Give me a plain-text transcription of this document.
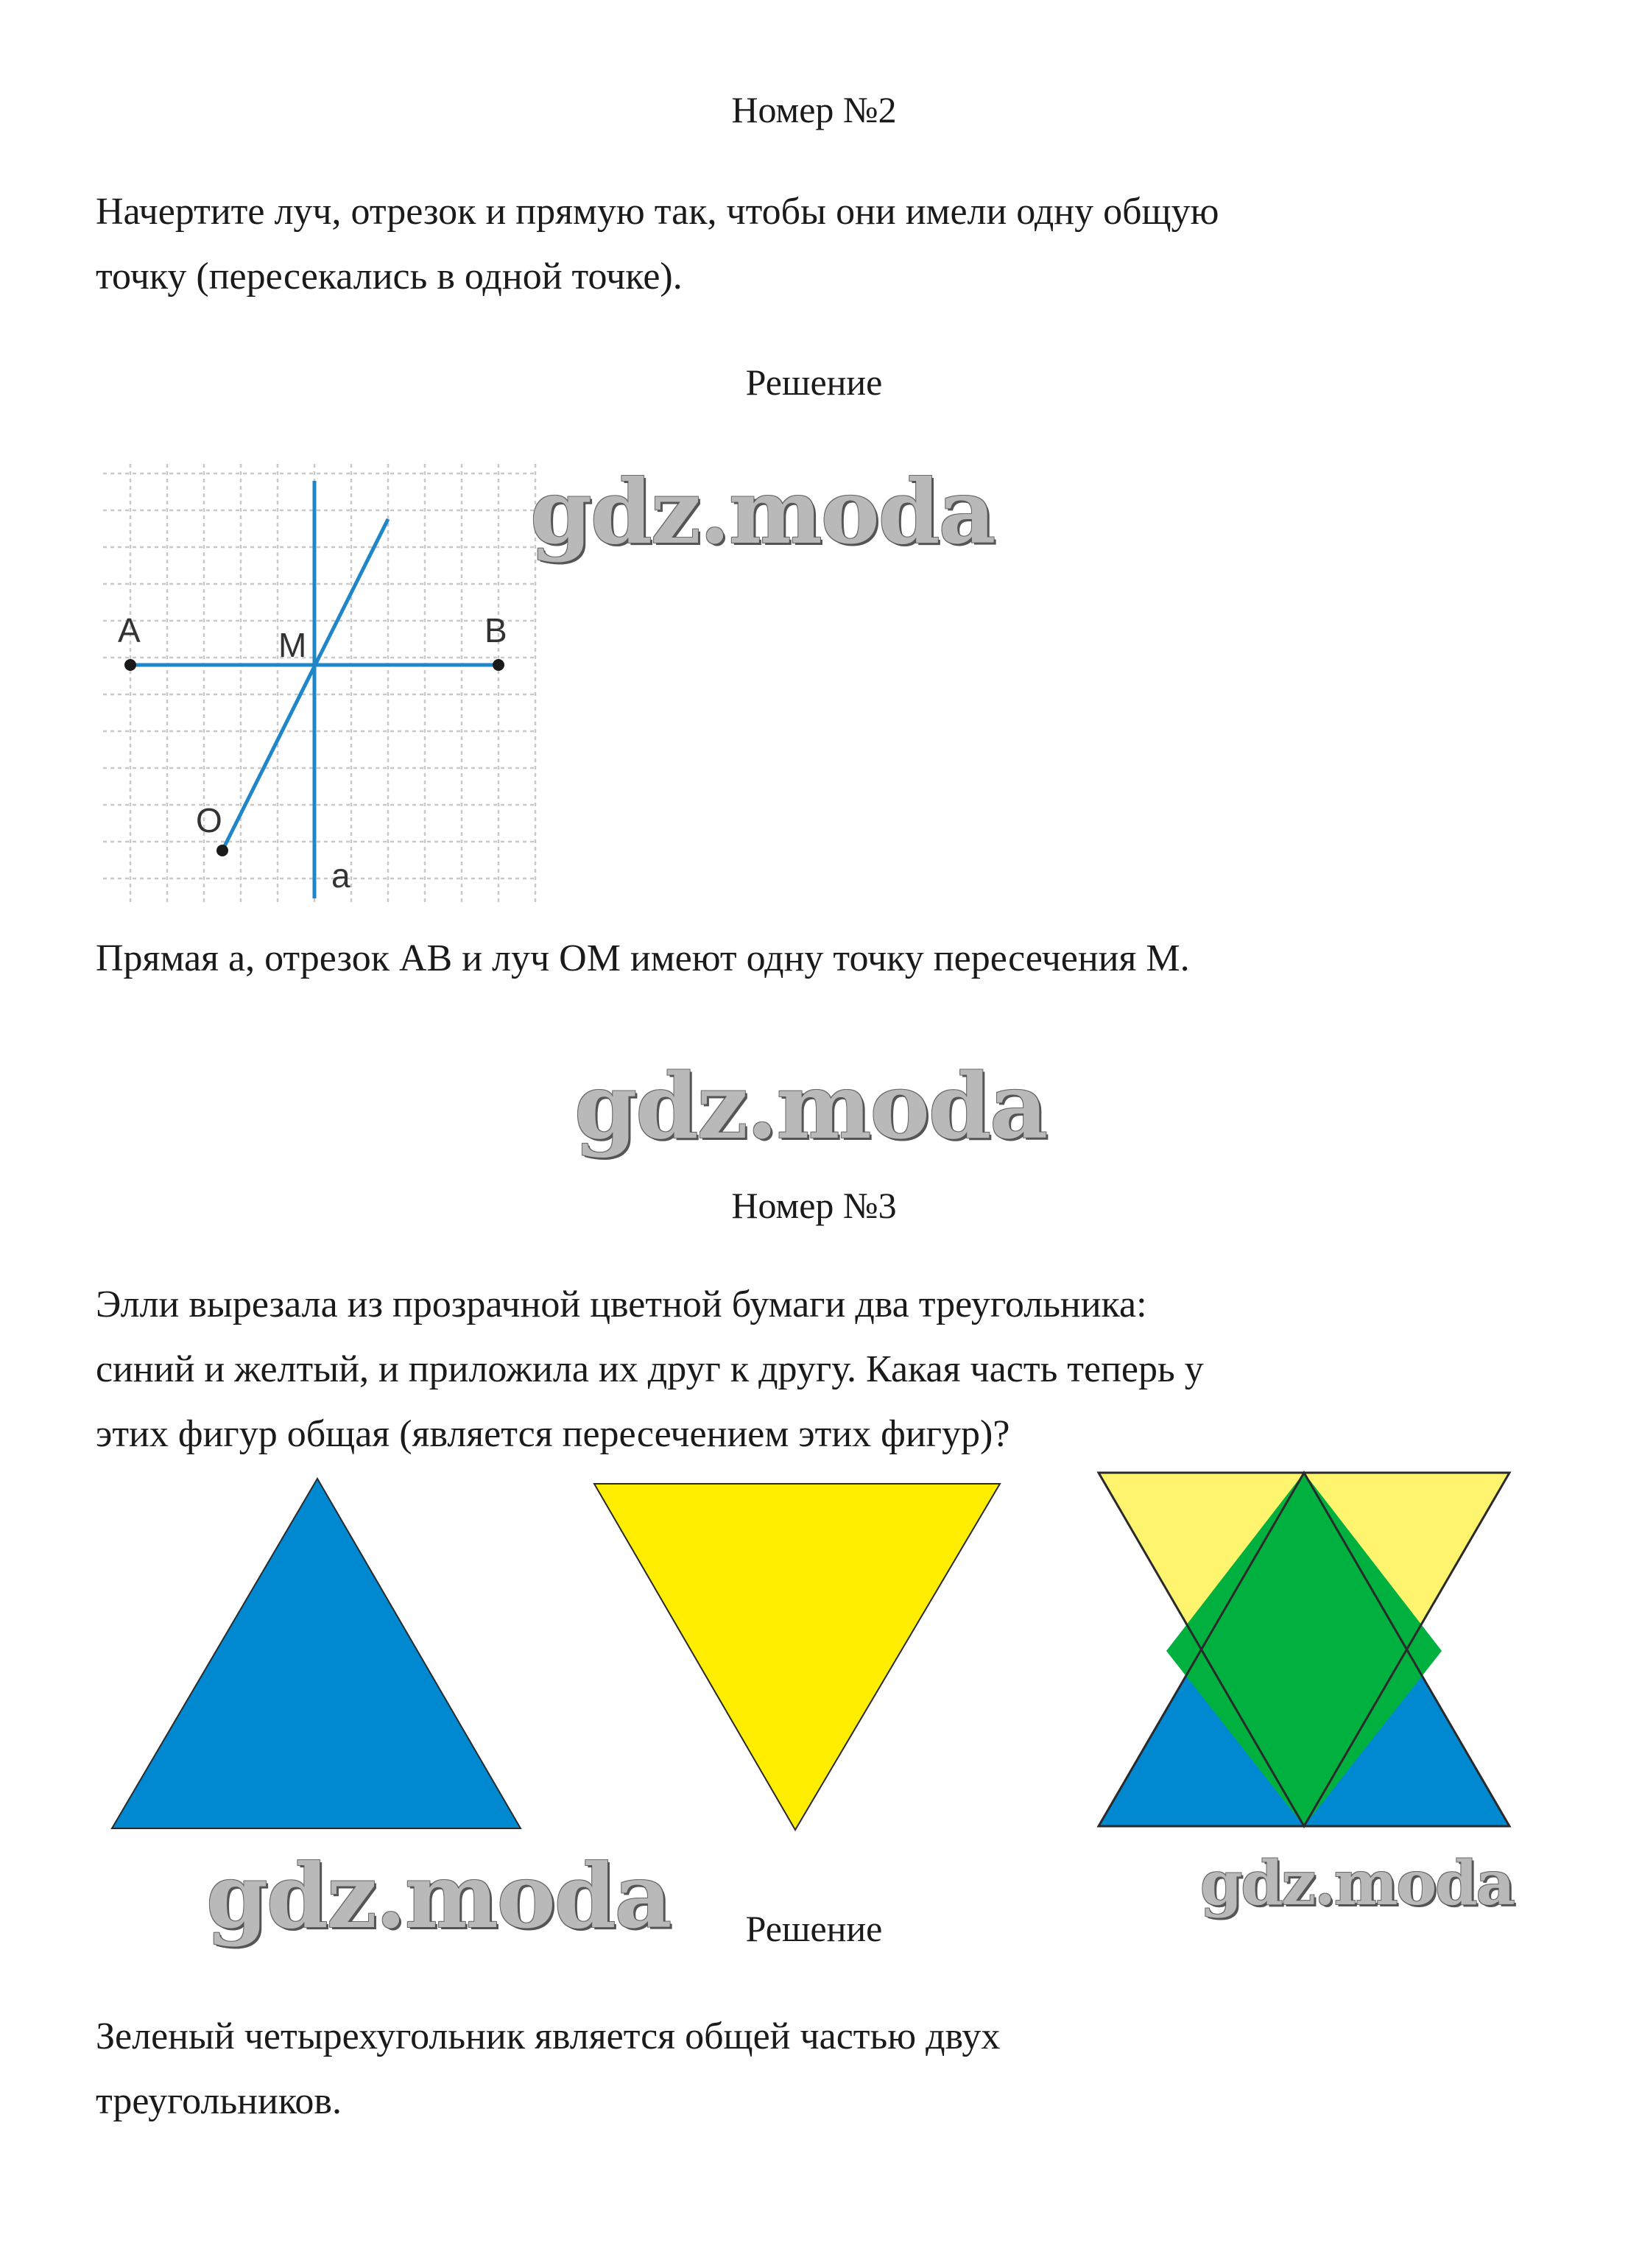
Номер №2
Начертите луч, отрезок и прямую так, чтобы они имели одну общую
точку (пересекались в одной точке).
Решение
A	B
M
O
a
gdz.moda
Прямая a, отрезок AB и луч OM имеют одну точку пересечения M.
gdz.moda
Номер №3
Элли вырезала из прозрачной цветной бумаги два треугольника:
синий и желтый, и приложила их друг к другу. Какая часть теперь у
этих фигур общая (является пересечением этих фигур)?
gdz.moda	gdz.moda
Решение
Зеленый четырехугольник является общей частью двух
треугольников.
